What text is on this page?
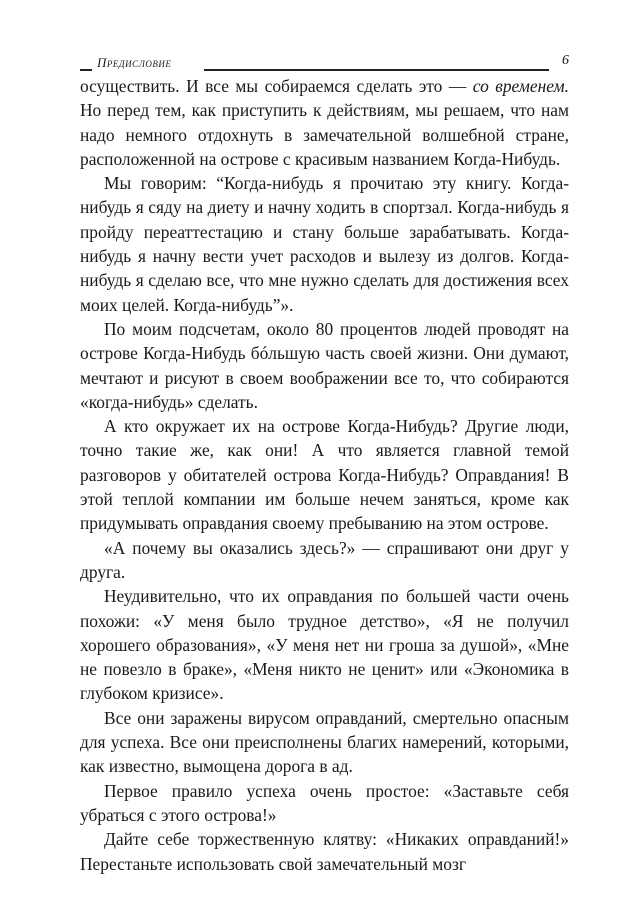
Предисловие	6

осуществить. И все мы собираемся сделать это — со временем. Но перед тем, как приступить к действиям, мы решаем, что нам надо немного отдохнуть в замечательной волшебной стране, расположенной на острове с красивым названием Когда-Нибудь.

Мы говорим: “Когда-нибудь я прочитаю эту книгу. Когда-нибудь я сяду на диету и начну ходить в спортзал. Когда-нибудь я пройду переаттестацию и стану больше зарабатывать. Когда-нибудь я начну вести учет расходов и вылезу из долгов. Когда-нибудь я сделаю все, что мне нужно сделать для достижения всех моих целей. Когда-нибудь”».

По моим подсчетам, около 80 процентов людей проводят на острове Когда-Нибудь бóльшую часть своей жизни. Они думают, мечтают и рисуют в своем воображении все то, что собираются «когда-нибудь» сделать.

А кто окружает их на острове Когда-Нибудь? Другие люди, точно такие же, как они! А что является главной темой разговоров у обитателей острова Когда-Нибудь? Оправдания! В этой теплой компании им больше нечем заняться, кроме как придумывать оправдания своему пребыванию на этом острове.

«А почему вы оказались здесь?» — спрашивают они друг у друга.

Неудивительно, что их оправдания по большей части очень похожи: «У меня было трудное детство», «Я не получил хорошего образования», «У меня нет ни гроша за душой», «Мне не повезло в браке», «Меня никто не ценит» или «Экономика в глубоком кризисе».

Все они заражены вирусом оправданий, смертельно опасным для успеха. Все они преисполнены благих намерений, которыми, как известно, вымощена дорога в ад.

Первое правило успеха очень простое: «Заставьте себя убраться с этого острова!»

Дайте себе торжественную клятву: «Никаких оправданий!» Перестаньте использовать свой замечательный мозг
